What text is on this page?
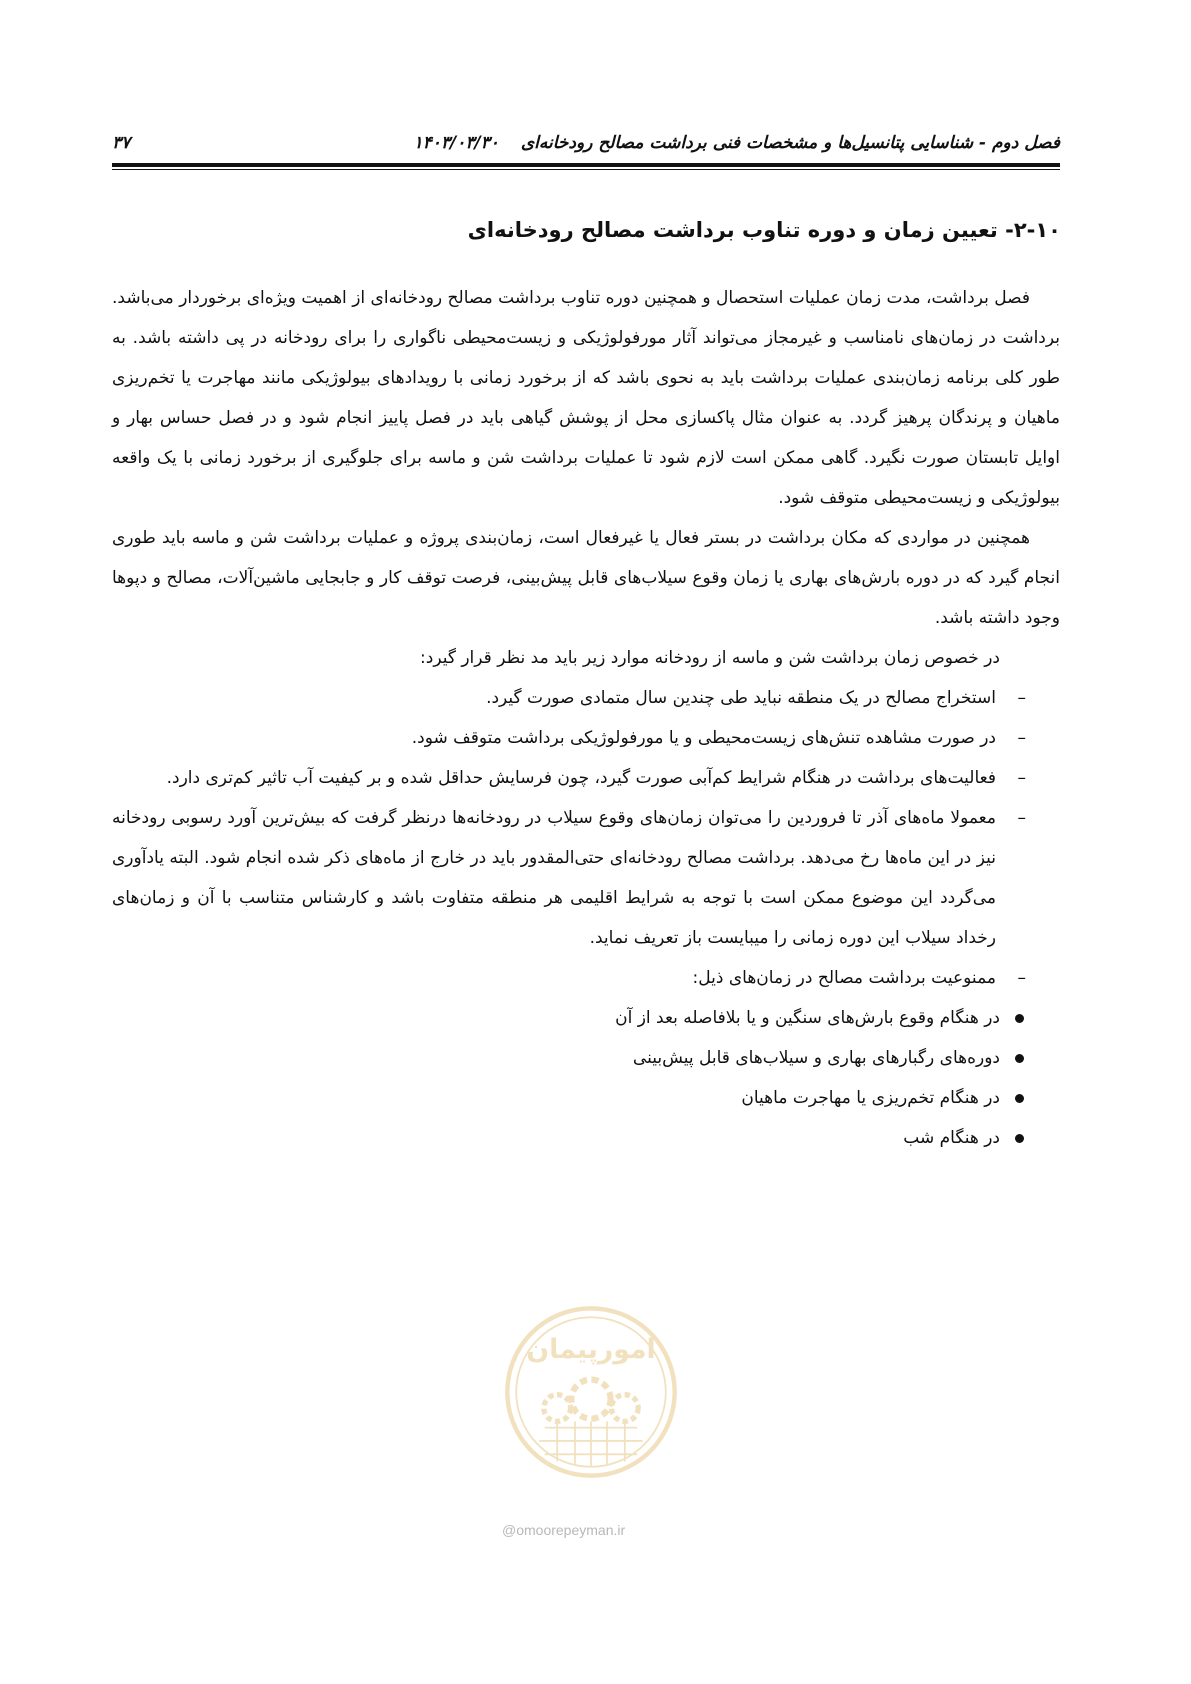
فصل دوم - شناسایی پتانسیل‌ها و مشخصات فنی برداشت مصالح رودخانه‌ای ۱۴۰۳/۰۳/۳۰
۳۷
۲-۱۰- تعیین زمان و دوره تناوب برداشت مصالح رودخانه‌ای

فصل برداشت، مدت زمان عملیات استحصال و همچنین دوره تناوب برداشت مصالح رودخانه‌ای از اهمیت ویژه‌ای برخوردار می‌باشد. برداشت در زمان‌های نامناسب و غیرمجاز می‌تواند آثار مورفولوژیکی و زیست‌محیطی ناگواری را برای رودخانه در پی داشته باشد. به طور کلی برنامه زمان‌بندی عملیات برداشت باید به نحوی باشد که از برخورد زمانی با رویدادهای بیولوژیکی مانند مهاجرت یا تخم‌ریزی ماهیان و پرندگان پرهیز گردد. به عنوان مثال پاکسازی محل از پوشش گیاهی باید در فصل پاییز انجام شود و در فصل حساس بهار و اوایل تابستان صورت نگیرد. گاهی ممکن است لازم شود تا عملیات برداشت شن و ماسه برای جلوگیری از برخورد زمانی با یک واقعه بیولوژیکی و زیست‌محیطی متوقف شود.

همچنین در مواردی که مکان برداشت در بستر فعال یا غیرفعال است، زمان‌بندی پروژه و عملیات برداشت شن و ماسه باید طوری انجام گیرد که در دوره بارش‌های بهاری یا زمان وقوع سیلاب‌های قابل پیش‌بینی، فرصت توقف کار و جابجایی ماشین‌آلات، مصالح و دپوها وجود داشته باشد.

در خصوص زمان برداشت شن و ماسه از رودخانه موارد زیر باید مد نظر قرار گیرد:

– استخراج مصالح در یک منطقه نباید طی چندین سال متمادی صورت گیرد.
– در صورت مشاهده تنش‌های زیست‌محیطی و یا مورفولوژیکی برداشت متوقف شود.
– فعالیت‌های برداشت در هنگام شرایط کم‌آبی صورت گیرد، چون فرسایش حداقل شده و بر کیفیت آب تاثیر کم‌تری دارد.
– معمولا ماه‌های آذر تا فروردین را می‌توان زمان‌های وقوع سیلاب در رودخانه‌ها درنظر گرفت که بیش‌ترین آورد رسوبی رودخانه نیز در این ماه‌ها رخ می‌دهد. برداشت مصالح رودخانه‌ای حتی‌المقدور باید در خارج از ماه‌های ذکر شده انجام شود. البته یادآوری می‌گردد این موضوع ممکن است با توجه به شرایط اقلیمی هر منطقه متفاوت باشد و کارشناس متناسب با آن و زمان‌های رخداد سیلاب این دوره زمانی را میبایست باز تعریف نماید.
– ممنوعیت برداشت مصالح در زمان‌های ذیل:
در هنگام وقوع بارش‌های سنگین و یا بلافاصله بعد از آن
دوره‌های رگبارهای بهاری و سیلاب‌های قابل پیش‌بینی
در هنگام تخم‌ریزی یا مهاجرت ماهیان
در هنگام شب
امورپیمان
@omoorepeyman.ir
